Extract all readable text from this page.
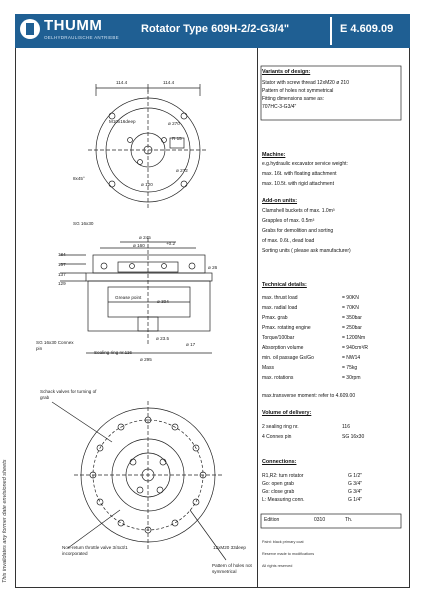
THUMM
OELHYDRAULISCHE ANTRIEBE
Rotator Type 609H-2/2-G3/4"	E 4.609.09
This invalidates any former date envisioned sheets
114.4	114.4
M10x16deep	ø 270
R 15
ø 120
8x45°
ø 272
SG 16x30
ø 245
ø 160	+0.2
184
157
137
129
Grease point
ø 304
ø 23.5
ø 26
ø 17
Sealing ring nr.116
ø 295
SG 16x30 Connex pin
Schack valves for turning of grab
Non-return throttle valve 3/4x3/1 incorporated
12xM20 33deep
Pattern of holes not symmetrical
Variants of design:
Stator with screw thread 12xM20 ø 210
Pattern of holes not symmetrical
Fitting dimensions same as:
707HC-3-G3/4"
Machine:
e.g.hydraulic excavator service weight:
max. 16t. with floating attachment
max. 10.5t. with rigid attachment
Add-on units:
Clamshell buckets of max. 1.0m³
Grapples of max. 0.5m³
Grabs for demolition and sorting
of max. 0.6t., dead load
Sorting units ( please ask manufacturer)
Technical details:
max. thrust load	= 90KN
max. radial load	= 70KN
Pmax. grab	= 350bar
Pmax. rotating engine	= 250bar
Torque/100bar	= 1200Nm
Absorption volume	= 940cm³/R
min. oil passage Gs/Go	= NW14
Mass	= 75kg
max. rotations	= 30rpm
max.transverse moment: refer to 4.609.00
Volume of delivery:
2 sealing ring nr.	116
4 Connex pin	SG 16x30
Connections:
R1,R2: turn rotator	G 1/2"
Go: open grab	G 3/4"
Gs: close grab	G 3/4"
L: Measuring conn.	G 1/4"
Edition	0310	Th.
Paint: black primary coat
Reserve made to modifications
All rights reserved
